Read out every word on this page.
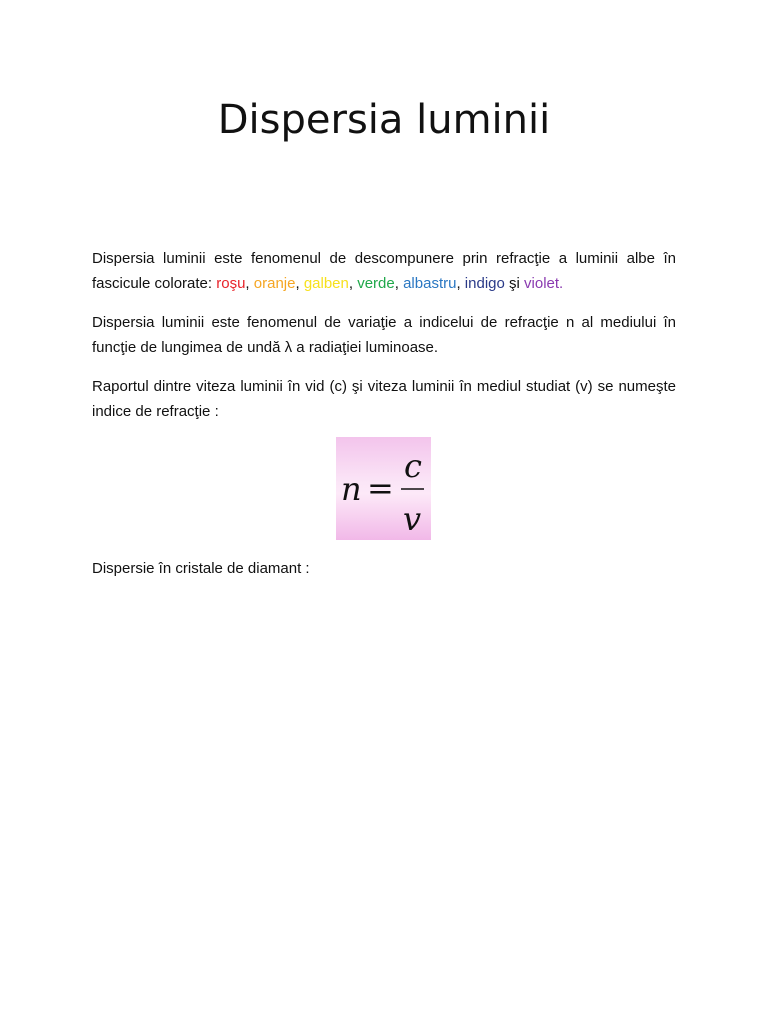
Dispersia luminii

Dispersia luminii este fenomenul de descompunere prin refracţie a luminii albe în fascicule colorate: roşu, oranje, galben, verde, albastru, indigo şi violet.

Dispersia luminii este fenomenul de variaţie a indicelui de refracţie n al mediului în funcţie de lungimea de undă λ a radiaţiei luminoase.

Raportul dintre viteza luminii în vid (c) şi viteza luminii în mediul studiat (v) se numeşte indice de refracţie :

n =
c
v

Dispersie în cristale de diamant :
